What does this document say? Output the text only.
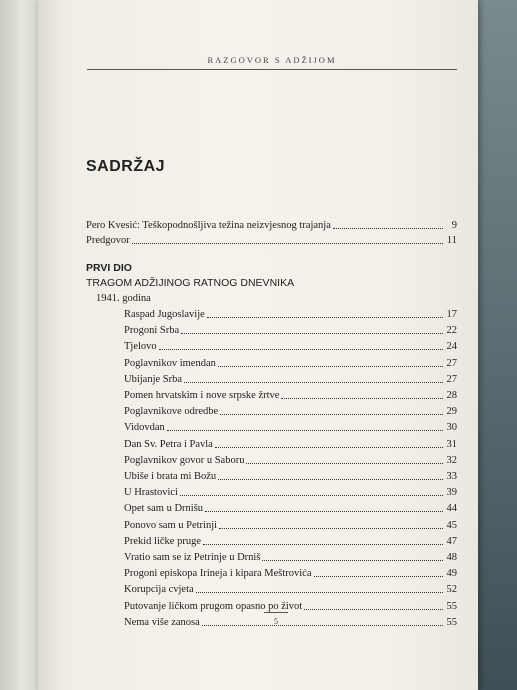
RAZGOVOR S ADŽIJOM
SADRŽAJ
Pero Kvesić: Teškopodnošljiva težina neizvjesnog trajanja	9
Predgovor	11
PRVI DIO
TRAGOM ADŽIJINOG RATNOG DNEVNIKA
1941. godina
Raspad Jugoslavije	17
Progoni Srba	22
Tjelovo	24
Poglavnikov imendan	27
Ubijanje Srba	27
Pomen hrvatskim i nove srpske žrtve	28
Poglavnikove odredbe	29
Vidovdan	30
Dan Sv. Petra i Pavla	31
Poglavnikov govor u Saboru	32
Ubiše i brata mi Božu	33
U Hrastovici	39
Opet sam u Drnišu	44
Ponovo sam u Petrinji	45
Prekid ličke pruge	47
Vratio sam se iz Petrinje u Drniš	48
Progoni episkopa Irineja i kipara Meštrovića	49
Korupcija cvjeta	52
Putovanje ličkom prugom opasno po život	55
Nema više zanosa	55
5
